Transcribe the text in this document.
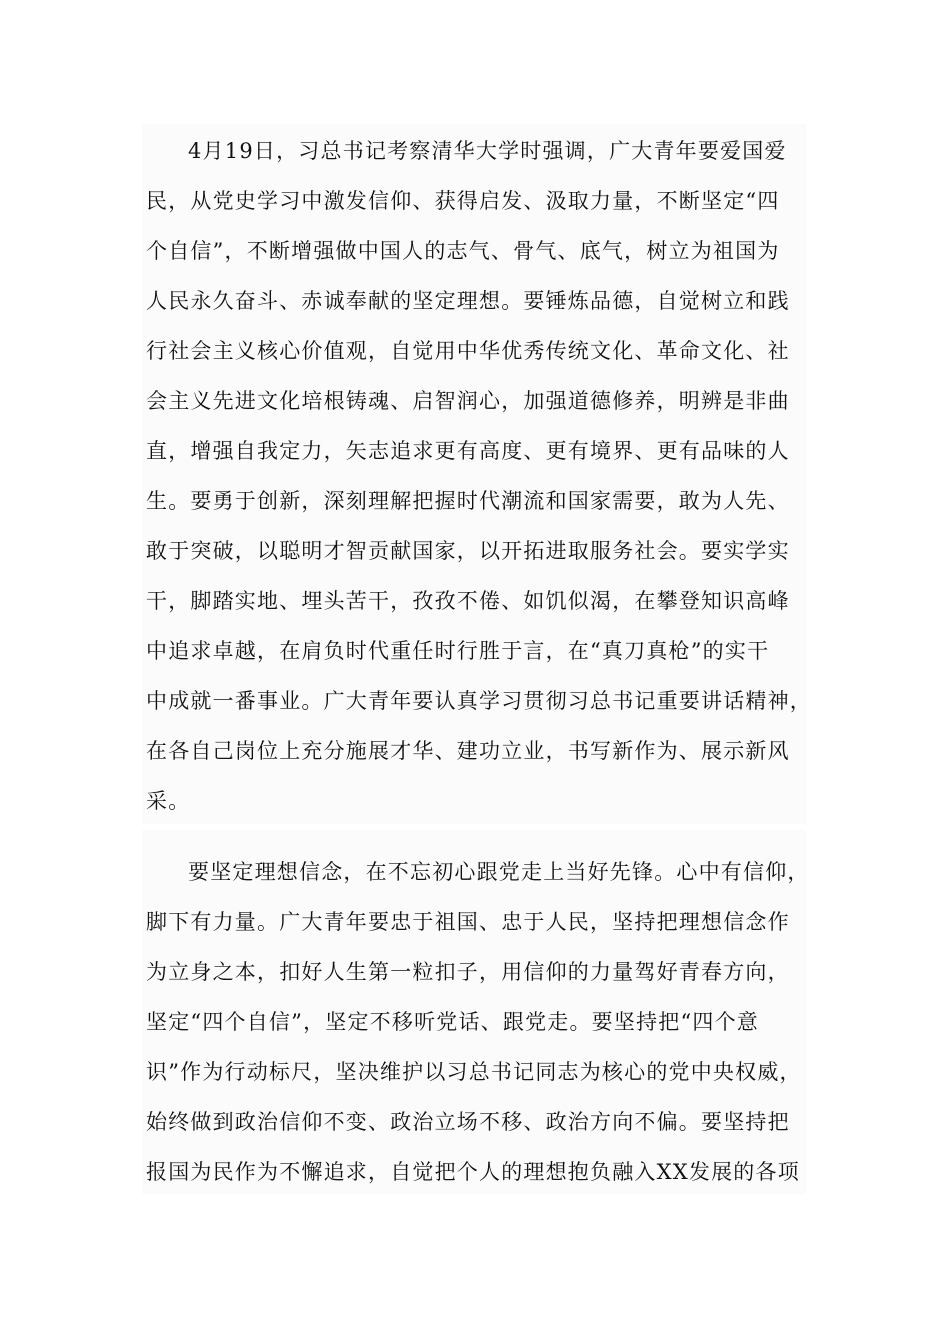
4月19日，习总书记考察清华大学时强调，广大青年要爱国爱
民，从党史学习中激发信仰、获得启发、汲取力量，不断坚定“四
个自信”，不断增强做中国人的志气、骨气、底气，树立为祖国为
人民永久奋斗、赤诚奉献的坚定理想。要锤炼品德，自觉树立和践
行社会主义核心价值观，自觉用中华优秀传统文化、革命文化、社
会主义先进文化培根铸魂、启智润心，加强道德修养，明辨是非曲
直，增强自我定力，矢志追求更有高度、更有境界、更有品味的人
生。要勇于创新，深刻理解把握时代潮流和国家需要，敢为人先、
敢于突破，以聪明才智贡献国家，以开拓进取服务社会。要实学实
干，脚踏实地、埋头苦干，孜孜不倦、如饥似渴，在攀登知识高峰
中追求卓越，在肩负时代重任时行胜于言，在“真刀真枪”的实干
中成就一番事业。广大青年要认真学习贯彻习总书记重要讲话精神，
在各自己岗位上充分施展才华、建功立业，书写新作为、展示新风
采。
要坚定理想信念，在不忘初心跟党走上当好先锋。心中有信仰，
脚下有力量。广大青年要忠于祖国、忠于人民，坚持把理想信念作
为立身之本，扣好人生第一粒扣子，用信仰的力量驾好青春方向，
坚定“四个自信”，坚定不移听党话、跟党走。要坚持把“四个意
识”作为行动标尺，坚决维护以习总书记同志为核心的党中央权威，
始终做到政治信仰不变、政治立场不移、政治方向不偏。要坚持把
报国为民作为不懈追求，自觉把个人的理想抱负融入XX发展的各项
